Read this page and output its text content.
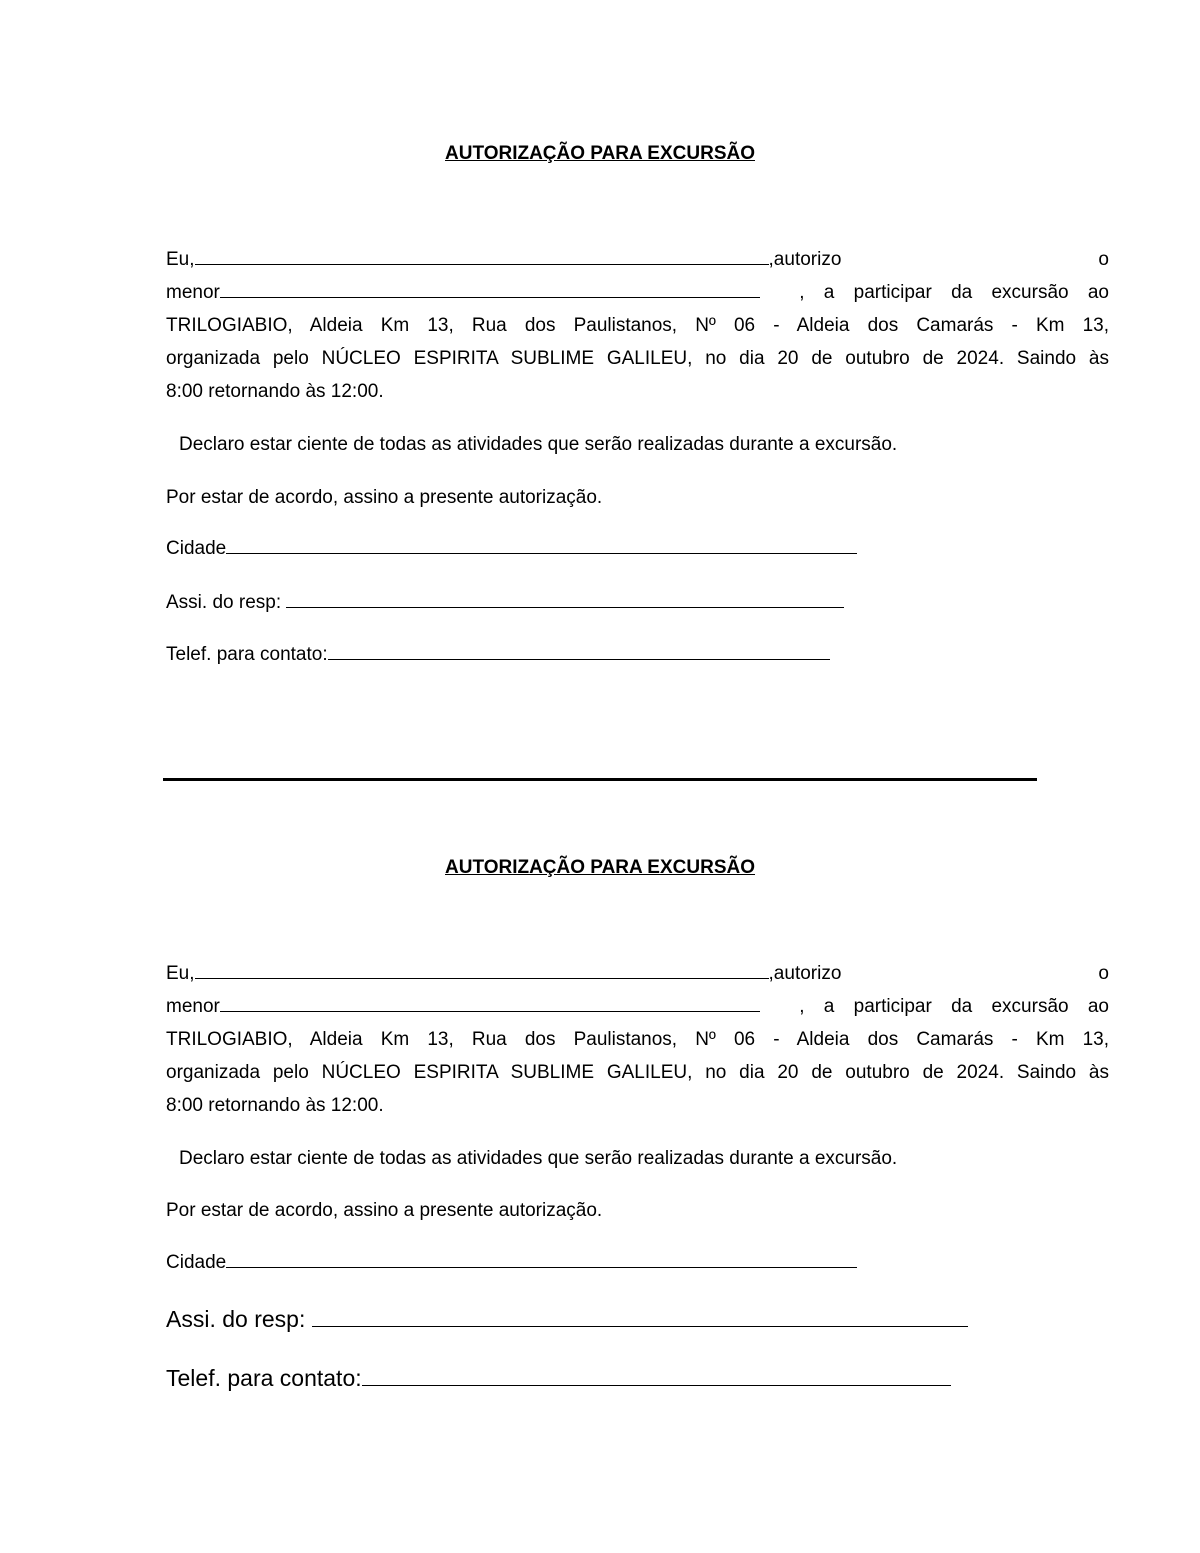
AUTORIZAÇÃO PARA EXCURSÃO
Eu,	,autorizo	o
menor	, a participar da excursão ao
TRILOGIABIO, Aldeia Km 13, Rua dos Paulistanos, Nº 06 - Aldeia dos Camarás - Km 13,
organizada pelo NÚCLEO ESPIRITA SUBLIME GALILEU, no dia 20 de outubro de 2024. Saindo às
8:00 retornando às 12:00.
Declaro estar ciente de todas as atividades que serão realizadas durante a excursão.
Por estar de acordo, assino a presente autorização.
Cidade
Assi. do resp:
Telef. para contato:
AUTORIZAÇÃO PARA EXCURSÃO
Eu,	,autorizo	o
menor	, a participar da excursão ao
TRILOGIABIO, Aldeia Km 13, Rua dos Paulistanos, Nº 06 - Aldeia dos Camarás - Km 13,
organizada pelo NÚCLEO ESPIRITA SUBLIME GALILEU, no dia 20 de outubro de 2024. Saindo às
8:00 retornando às 12:00.
Declaro estar ciente de todas as atividades que serão realizadas durante a excursão.
Por estar de acordo, assino a presente autorização.
Cidade
Assi. do resp:
Telef. para contato:
